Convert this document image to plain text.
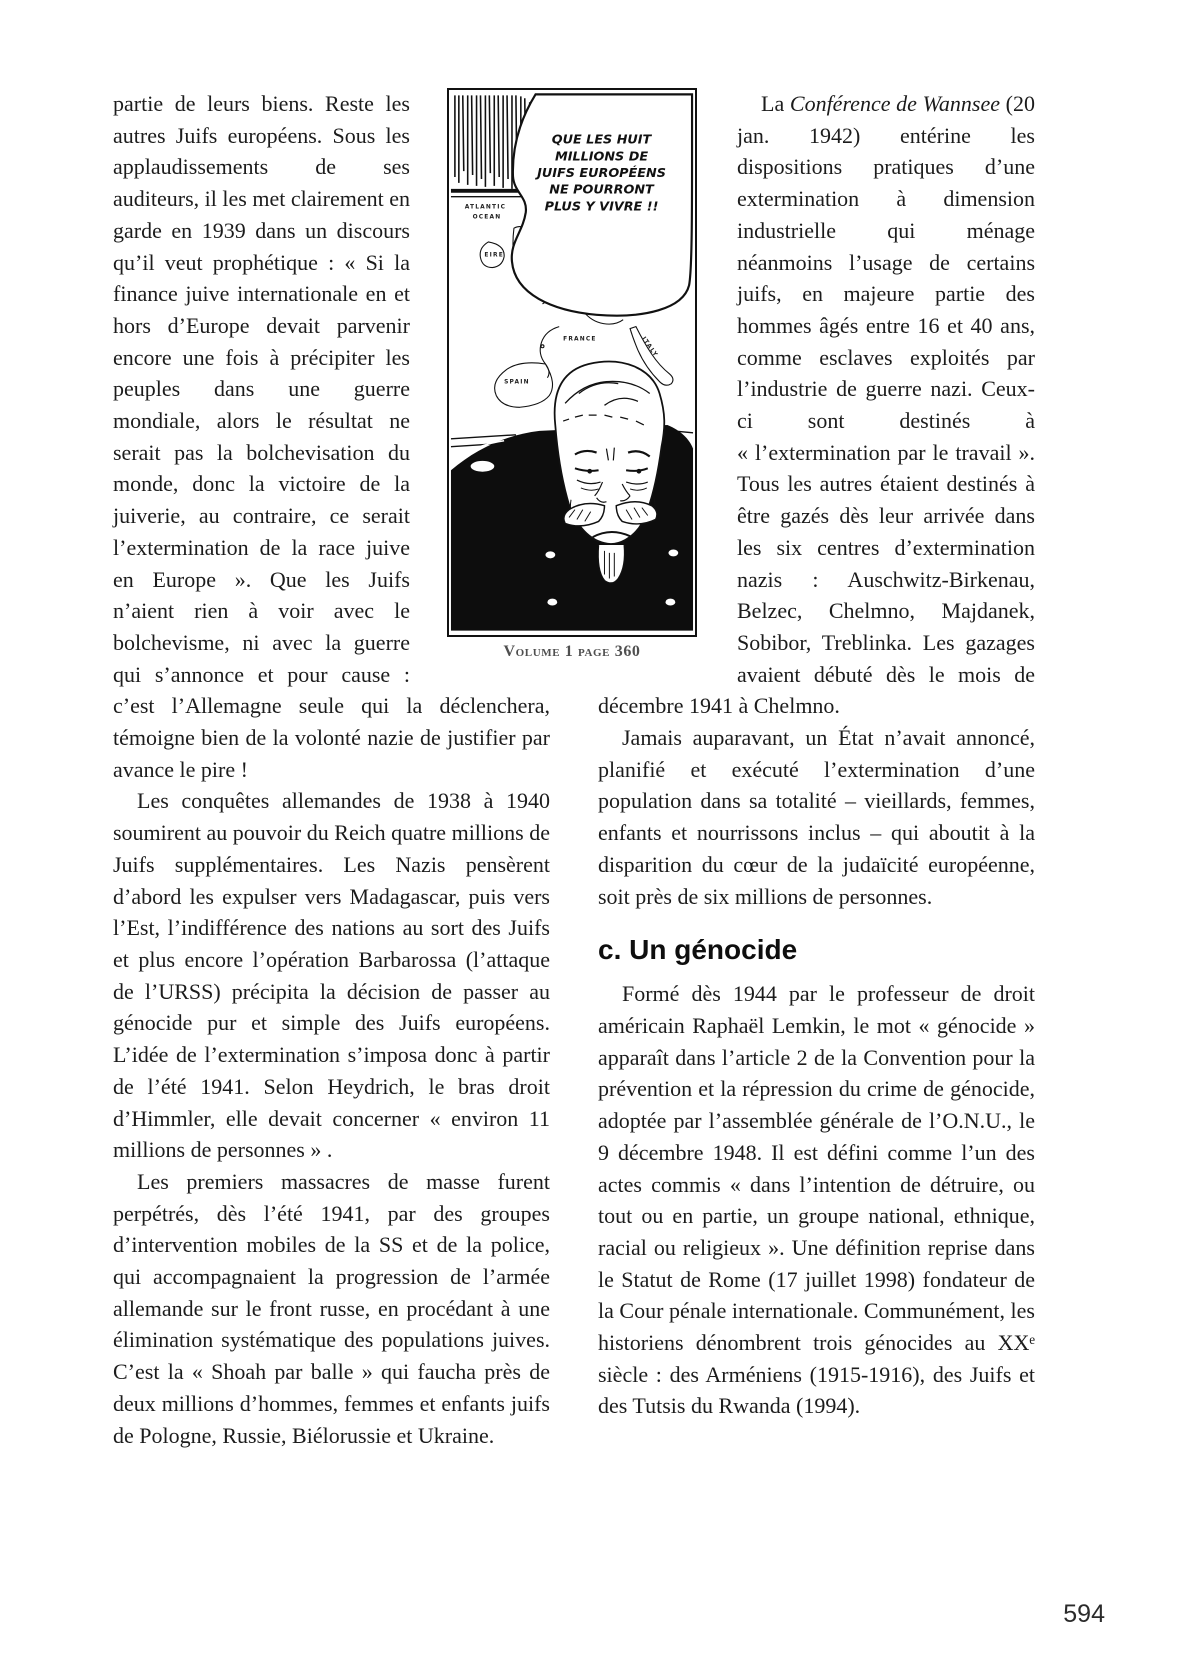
partie de leurs biens. Reste les autres Juifs européens. Sous les applaudissements de ses auditeurs, il les met clairement en garde en 1939 dans un discours qu’il veut prophétique : « Si la finance juive internationale en et hors d’Europe devait parvenir encore une fois à précipiter les peuples dans une guerre mondiale, alors le résultat ne serait pas la bolchevisation du monde, donc la victoire de la juiverie, au contraire, ce serait l’extermination de la race juive en Europe ». Que les Juifs n’aient rien à voir avec le bolchevisme, ni avec la guerre qui s’annonce et pour cause : c’est l’Allemagne seule qui la déclenchera, témoigne bien de la volonté nazie de justifier par avance le pire !

Les conquêtes allemandes de 1938 à 1940 soumirent au pouvoir du Reich quatre millions de Juifs supplémentaires. Les Nazis pensèrent d’abord les expulser vers Madagascar, puis vers l’Est, l’indifférence des nations au sort des Juifs et plus encore l’opération Barbarossa (l’attaque de l’URSS) précipita la décision de passer au génocide pur et simple des Juifs européens. L’idée de l’extermination s’imposa donc à partir de l’été 1941. Selon Heydrich, le bras droit d’Himmler, elle devait concerner « environ 11 millions de personnes » .

Les premiers massacres de masse furent perpétrés, dès l’été 1941, par des groupes d’intervention mobiles de la SS et de la police, qui accompagnaient la progression de l’armée allemande sur le front russe, en procédant à une élimination systématique des populations juives. C’est la « Shoah par balle » qui faucha près de deux millions d’hommes, femmes et enfants juifs de Pologne, Russie, Biélorussie et Ukraine.

ATLANTIC
OCEAN
EIRE
FRANCE
SPAIN
ITALY
QUE LES HUIT
MILLIONS DE
JUIFS EUROPÉENS
NE POURRONT
PLUS Y VIVRE !!
Volume 1 page 360

La Conférence de Wannsee (20 jan. 1942) entérine les dispositions pratiques d’une extermination à dimension industrielle qui ménage néanmoins l’usage de certains juifs, en majeure partie des hommes âgés entre 16 et 40 ans, comme esclaves exploités par l’industrie de guerre nazi. Ceux-ci sont destinés à « l’extermination par le travail ». Tous les autres étaient destinés à être gazés dès leur arrivée dans les six centres d’extermination nazis : Auschwitz-Birkenau, Belzec, Chelmno, Majdanek, Sobibor, Treblinka. Les gazages avaient débuté dès le mois de décembre 1941 à Chelmno.

Jamais auparavant, un État n’avait annoncé, planifié et exécuté l’extermination d’une population dans sa totalité – vieillards, femmes, enfants et nourrissons inclus – qui aboutit à la disparition du cœur de la judaïcité européenne, soit près de six millions de personnes.

c. Un génocide

Formé dès 1944 par le professeur de droit américain Raphaël Lemkin, le mot « génocide » apparaît dans l’article 2 de la Convention pour la prévention et la répression du crime de génocide, adoptée par l’assemblée générale de l’O.N.U., le 9 décembre 1948. Il est défini comme l’un des actes commis « dans l’intention de détruire, ou tout ou en partie, un groupe national, ethnique, racial ou religieux ». Une définition reprise dans le Statut de Rome (17 juillet 1998) fondateur de la Cour pénale internationale. Communément, les historiens dénombrent trois génocides au XXᵉ siècle : des Arméniens (1915-1916), des Juifs et des Tutsis du Rwanda (1994).

594
